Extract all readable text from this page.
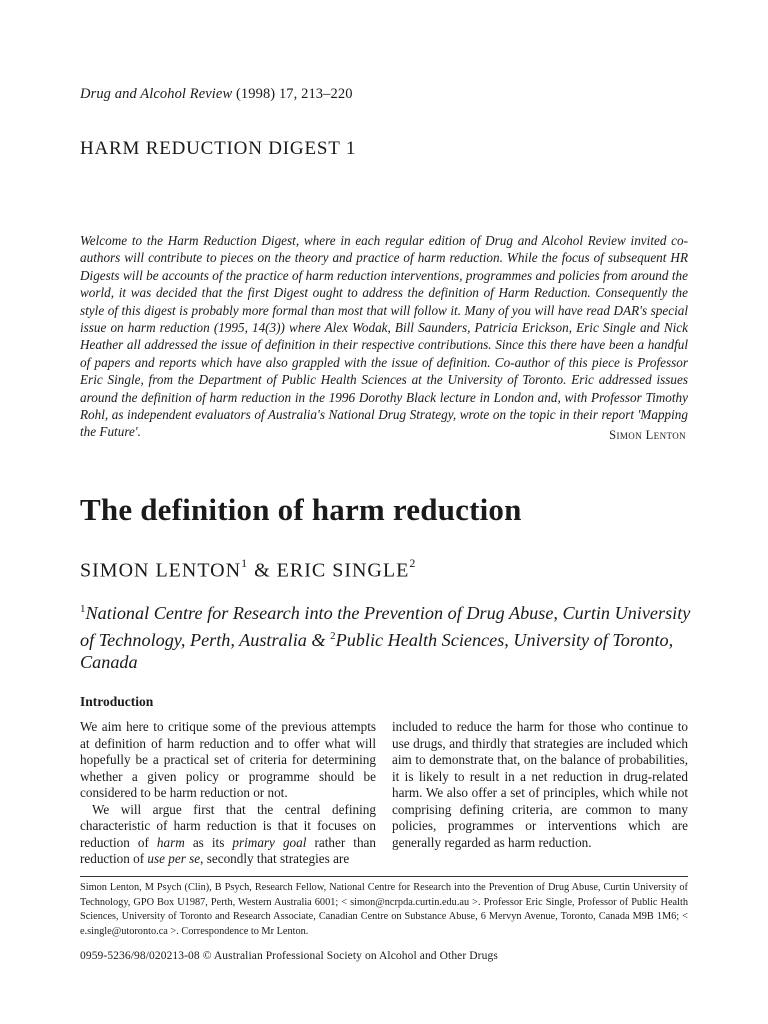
Drug and Alcohol Review (1998) 17, 213–220
HARM REDUCTION DIGEST 1
Welcome to the Harm Reduction Digest, where in each regular edition of Drug and Alcohol Review invited co-authors will contribute to pieces on the theory and practice of harm reduction. While the focus of subsequent HR Digests will be accounts of the practice of harm reduction interventions, programmes and policies from around the world, it was decided that the first Digest ought to address the definition of Harm Reduction. Consequently the style of this digest is probably more formal than most that will follow it. Many of you will have read DAR's special issue on harm reduction (1995, 14(3)) where Alex Wodak, Bill Saunders, Patricia Erickson, Eric Single and Nick Heather all addressed the issue of definition in their respective contributions. Since this there have been a handful of papers and reports which have also grappled with the issue of definition. Co-author of this piece is Professor Eric Single, from the Department of Public Health Sciences at the University of Toronto. Eric addressed issues around the definition of harm reduction in the 1996 Dorothy Black lecture in London and, with Professor Timothy Rohl, as independent evaluators of Australia's National Drug Strategy, wrote on the topic in their report 'Mapping the Future'.	Simon Lenton
The definition of harm reduction
SIMON LENTON$^1$ & ERIC SINGLE$^2$
$^1$National Centre for Research into the Prevention of Drug Abuse, Curtin University of Technology, Perth, Australia & $^2$Public Health Sciences, University of Toronto, Canada
Introduction

We aim here to critique some of the previous attempts at definition of harm reduction and to offer what will hopefully be a practical set of criteria for determining whether a given policy or programme should be considered to be harm reduction or not.

We will argue first that the central defining characteristic of harm reduction is that it focuses on reduction of harm as its primary goal rather than reduction of use per se, secondly that strategies are

included to reduce the harm for those who continue to use drugs, and thirdly that strategies are included which aim to demonstrate that, on the balance of probabilities, it is likely to result in a net reduction in drug-related harm. We also offer a set of principles, which while not comprising defining criteria, are common to many policies, programmes or interventions which are generally regarded as harm reduction.

Simon Lenton, M Psych (Clin), B Psych, Research Fellow, National Centre for Research into the Prevention of Drug Abuse, Curtin University of Technology, GPO Box U1987, Perth, Western Australia 6001; < simon@ncrpda.curtin.edu.au >. Professor Eric Single, Professor of Public Health Sciences, University of Toronto and Research Associate, Canadian Centre on Substance Abuse, 6 Mervyn Avenue, Toronto, Canada M9B 1M6; < e.single@utoronto.ca >. Correspondence to Mr Lenton.
0959-5236/98/020213-08 © Australian Professional Society on Alcohol and Other Drugs
